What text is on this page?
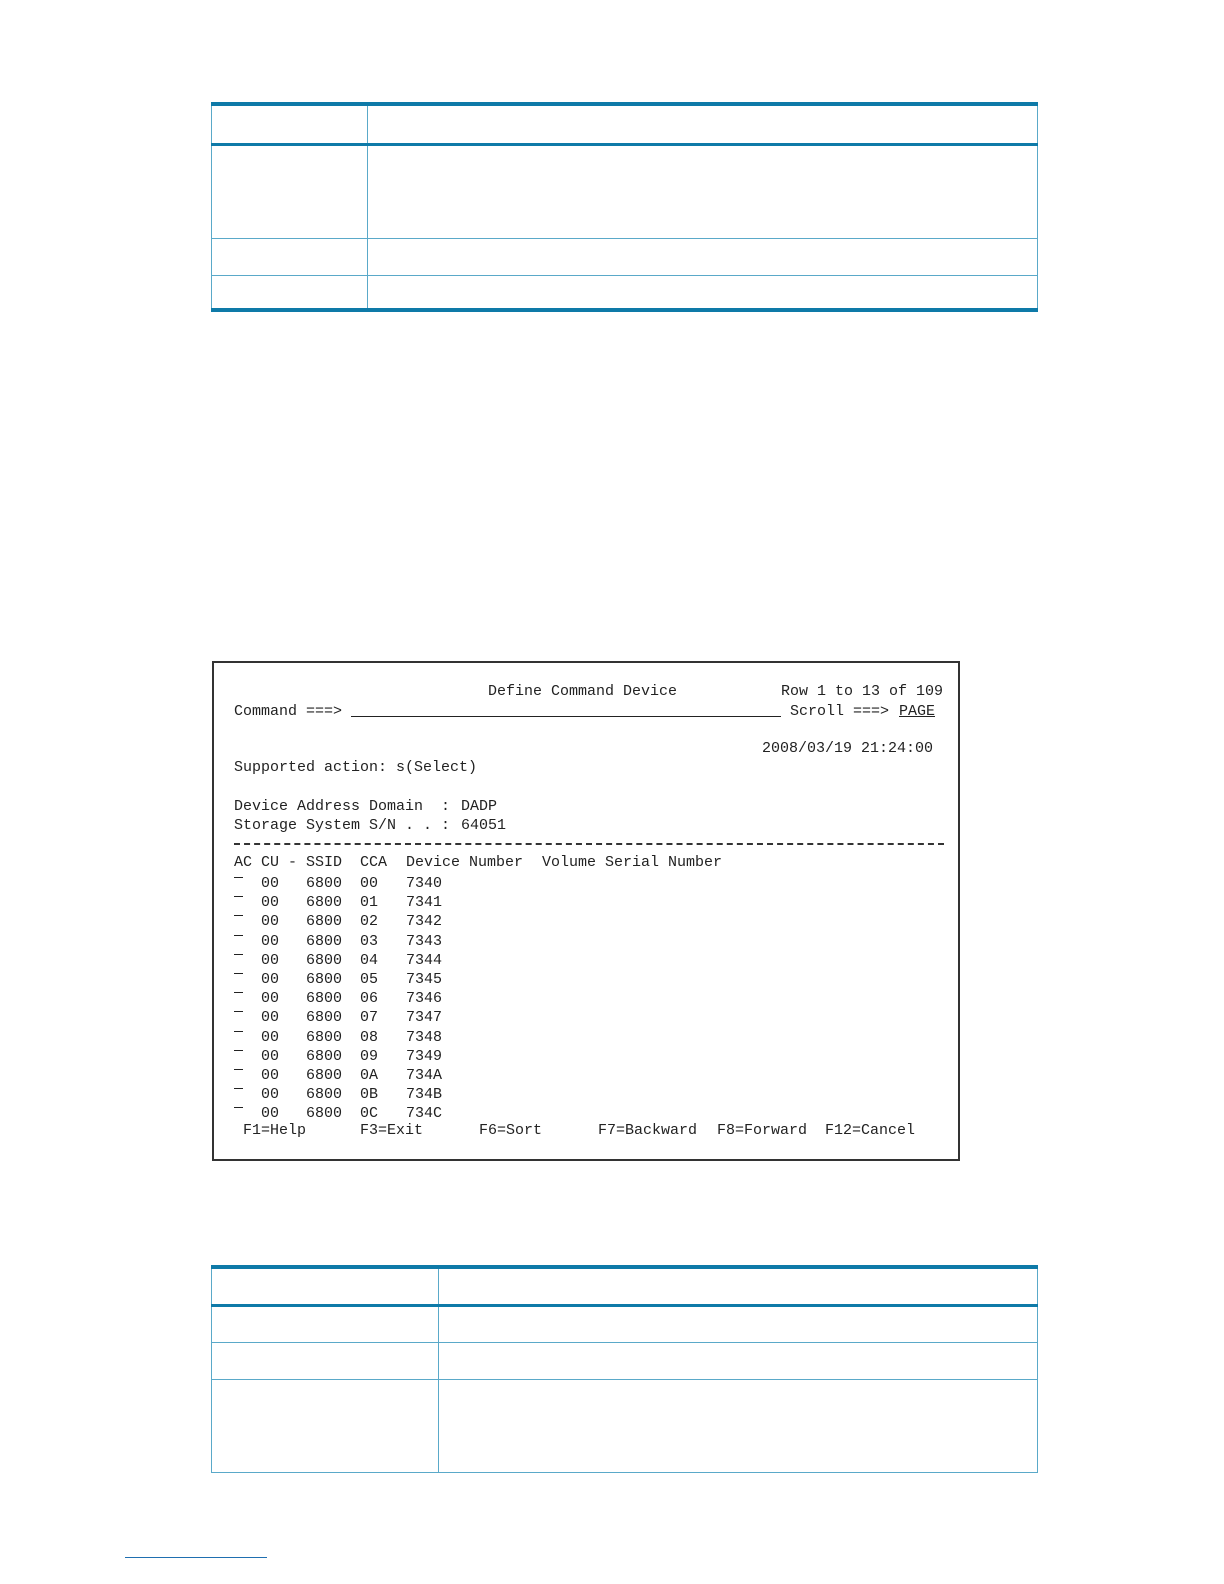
Define Command Device	Row 1 to 13 of 109
Command ===>	Scroll ===> PAGE
2008/03/19 21:24:00
Supported action: s(Select)
Device Address Domain  : DADP
Storage System S/N . . : 64051
AC CU - SSID CCA Device Number Volume Serial Number
00 6800 00 7340
00 6800 01 7341
00 6800 02 7342
00 6800 03 7343
00 6800 04 7344
00 6800 05 7345
00 6800 06 7346
00 6800 07 7347
00 6800 08 7348
00 6800 09 7349
00 6800 0A 734A
00 6800 0B 734B
00 6800 0C 734C
F1=Help	F3=Exit	F6=Sort	F7=Backward F8=Forward F12=Cancel
